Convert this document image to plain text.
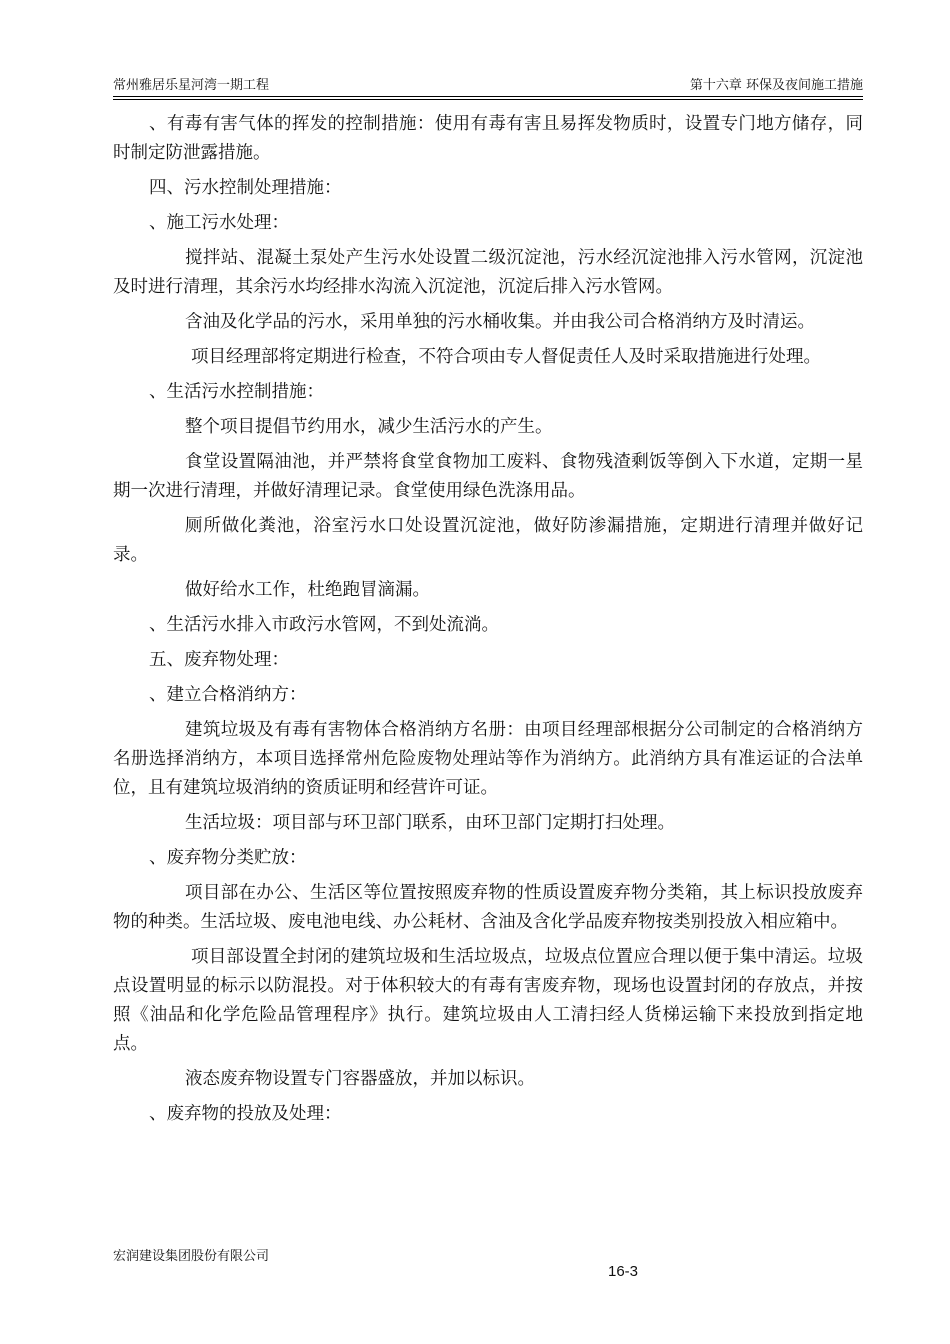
常州雅居乐星河湾一期工程	第十六章 环保及夜间施工措施

、有毒有害气体的挥发的控制措施：使用有毒有害且易挥发物质时，设置专门地方储存，同时制定防泄露措施。

四、污水控制处理措施：

、施工污水处理：

搅拌站、混凝土泵处产生污水处设置二级沉淀池，污水经沉淀池排入污水管网，沉淀池及时进行清理，其余污水均经排水沟流入沉淀池，沉淀后排入污水管网。

含油及化学品的污水，采用单独的污水桶收集。并由我公司合格消纳方及时清运。

项目经理部将定期进行检查，不符合项由专人督促责任人及时采取措施进行处理。

、生活污水控制措施：

整个项目提倡节约用水，减少生活污水的产生。

食堂设置隔油池，并严禁将食堂食物加工废料、食物残渣剩饭等倒入下水道，定期一星期一次进行清理，并做好清理记录。食堂使用绿色洗涤用品。

厕所做化粪池，浴室污水口处设置沉淀池，做好防渗漏措施，定期进行清理并做好记录。

做好给水工作，杜绝跑冒滴漏。

、生活污水排入市政污水管网，不到处流淌。

五、废弃物处理：

、建立合格消纳方：

建筑垃圾及有毒有害物体合格消纳方名册：由项目经理部根据分公司制定的合格消纳方名册选择消纳方，本项目选择常州危险废物处理站等作为消纳方。此消纳方具有准运证的合法单位，且有建筑垃圾消纳的资质证明和经营许可证。

生活垃圾：项目部与环卫部门联系，由环卫部门定期打扫处理。

、废弃物分类贮放：

项目部在办公、生活区等位置按照废弃物的性质设置废弃物分类箱，其上标识投放废弃物的种类。生活垃圾、废电池电线、办公耗材、含油及含化学品废弃物按类别投放入相应箱中。

项目部设置全封闭的建筑垃圾和生活垃圾点，垃圾点位置应合理以便于集中清运。垃圾点设置明显的标示以防混投。对于体积较大的有毒有害废弃物，现场也设置封闭的存放点，并按照《油品和化学危险品管理程序》执行。建筑垃圾由人工清扫经人货梯运输下来投放到指定地点。

液态废弃物设置专门容器盛放，并加以标识。

、废弃物的投放及处理：

宏润建设集团股份有限公司
16-3
